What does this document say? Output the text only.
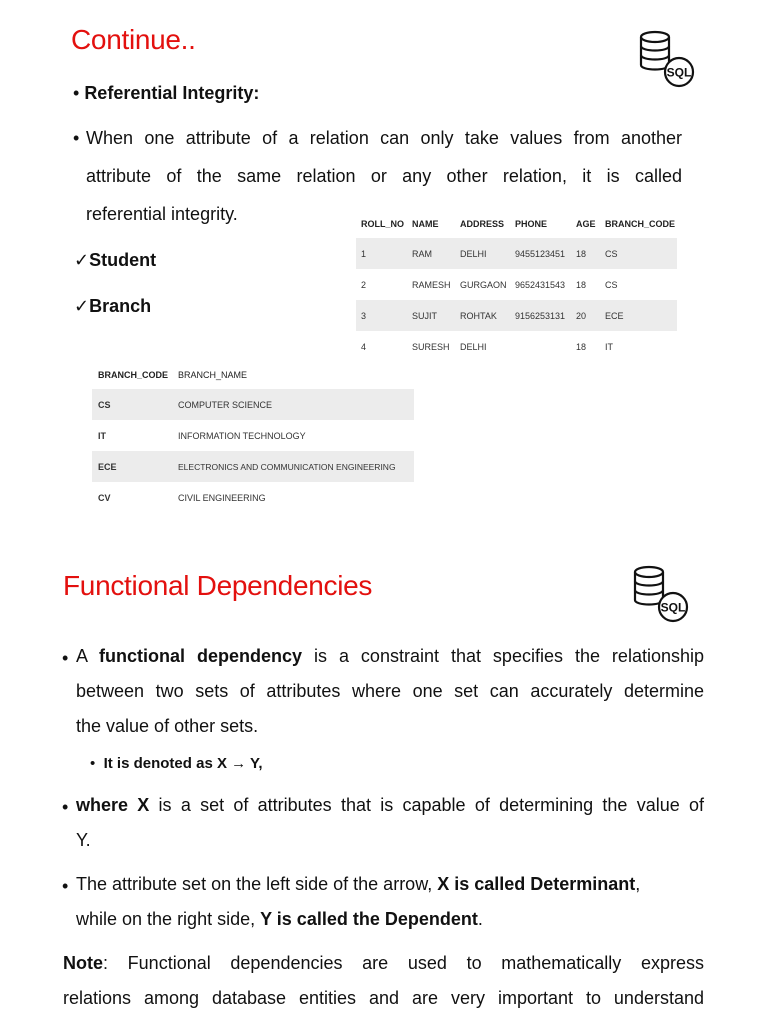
Continue..
SQL
• Referential Integrity:
• When one attribute of a relation can only take values from another
attribute of the same relation or any other relation, it is called
referential integrity.
✓Student
✓Branch
	ROLL_NO	NAME	ADDRESS	PHONE	AGE	BRANCH_CODE
	1	RAM	DELHI	9455123451	18	CS
	2	RAMESH	GURGAON	9652431543	18	CS
	3	SUJIT	ROHTAK	9156253131	20	ECE
	4	SURESH	DELHI		18	IT
	BRANCH_CODE	BRANCH_NAME
	CS	COMPUTER SCIENCE
	IT	INFORMATION TECHNOLOGY
	ECE	ELECTRONICS AND COMMUNICATION ENGINEERING
	CV	CIVIL ENGINEERING
Functional Dependencies
SQL
• A functional dependency is a constraint that specifies the relationship
between two sets of attributes where one set can accurately determine
the value of other sets.
•  It is denoted as X → Y,
• where X is a set of attributes that is capable of determining the value of
Y.
• The attribute set on the left side of the arrow, X is called Determinant,
while on the right side, Y is called the Dependent.
Note: Functional dependencies are used to mathematically express
relations among database entities and are very important to understand
